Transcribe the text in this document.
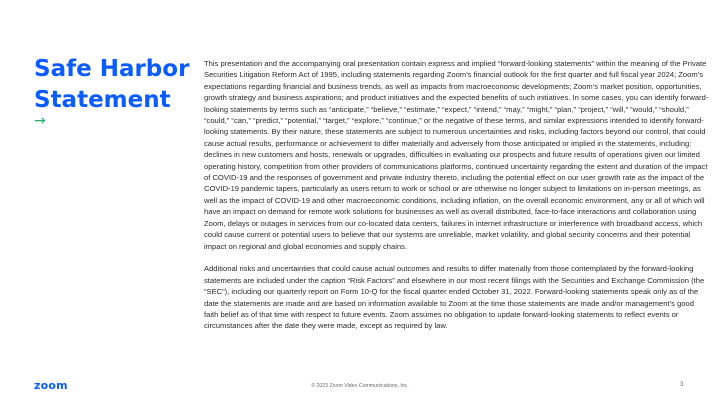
Safe Harbor Statement
→

This presentation and the accompanying oral presentation contain express and implied “forward-looking statements” within the meaning of the Private Securities Litigation Reform Act of 1995, including statements regarding Zoom’s financial outlook for the first quarter and full fiscal year 2024; Zoom’s expectations regarding financial and business trends, as well as impacts from macroeconomic developments; Zoom’s market position, opportunities, growth strategy and business aspirations; and product initiatives and the expected benefits of such initiatives. In some cases, you can identify forward-looking statements by terms such as “anticipate,” “believe,” “estimate,” “expect,” “intend,” “may,” “might,” “plan,” “project,” “will,” “would,” “should,” “could,” “can,” “predict,” “potential,” “target,” “explore,” “continue,” or the negative of these terms, and similar expressions intended to identify forward-looking statements. By their nature, these statements are subject to numerous uncertainties and risks, including factors beyond our control, that could cause actual results, performance or achievement to differ materially and adversely from those anticipated or implied in the statements, including: declines in new customers and hosts, renewals or upgrades, difficulties in evaluating our prospects and future results of operations given our limited operating history, competition from other providers of communications platforms, continued uncertainty regarding the extent and duration of the impact of COVID-19 and the responses of government and private industry thereto, including the potential effect on our user growth rate as the impact of the COVID-19 pandemic tapers, particularly as users return to work or school or are otherwise no longer subject to limitations on in-person meetings, as well as the impact of COVID-19 and other macroeconomic conditions, including inflation, on the overall economic environment, any or all of which will have an impact on demand for remote work solutions for businesses as well as overall distributed, face-to-face interactions and collaboration using Zoom, delays or outages in services from our co-located data centers, failures in internet infrastructure or interference with broadband access, which could cause current or potential users to believe that our systems are unreliable, market volatility, and global security concerns and their potential impact on regional and global economies and supply chains.

Additional risks and uncertainties that could cause actual outcomes and results to differ materially from those contemplated by the forward-looking statements are included under the caption “Risk Factors” and elsewhere in our most recent filings with the Securities and Exchange Commission (the “SEC”), including our quarterly report on Form 10-Q for the fiscal quarter ended October 31, 2022. Forward-looking statements speak only as of the date the statements are made and are based on information available to Zoom at the time those statements are made and/or management’s good faith belief as of that time with respect to future events. Zoom assumes no obligation to update forward-looking statements to reflect events or circumstances after the date they were made, except as required by law.

zoom	© 2023 Zoom Video Communications, Inc.	3
